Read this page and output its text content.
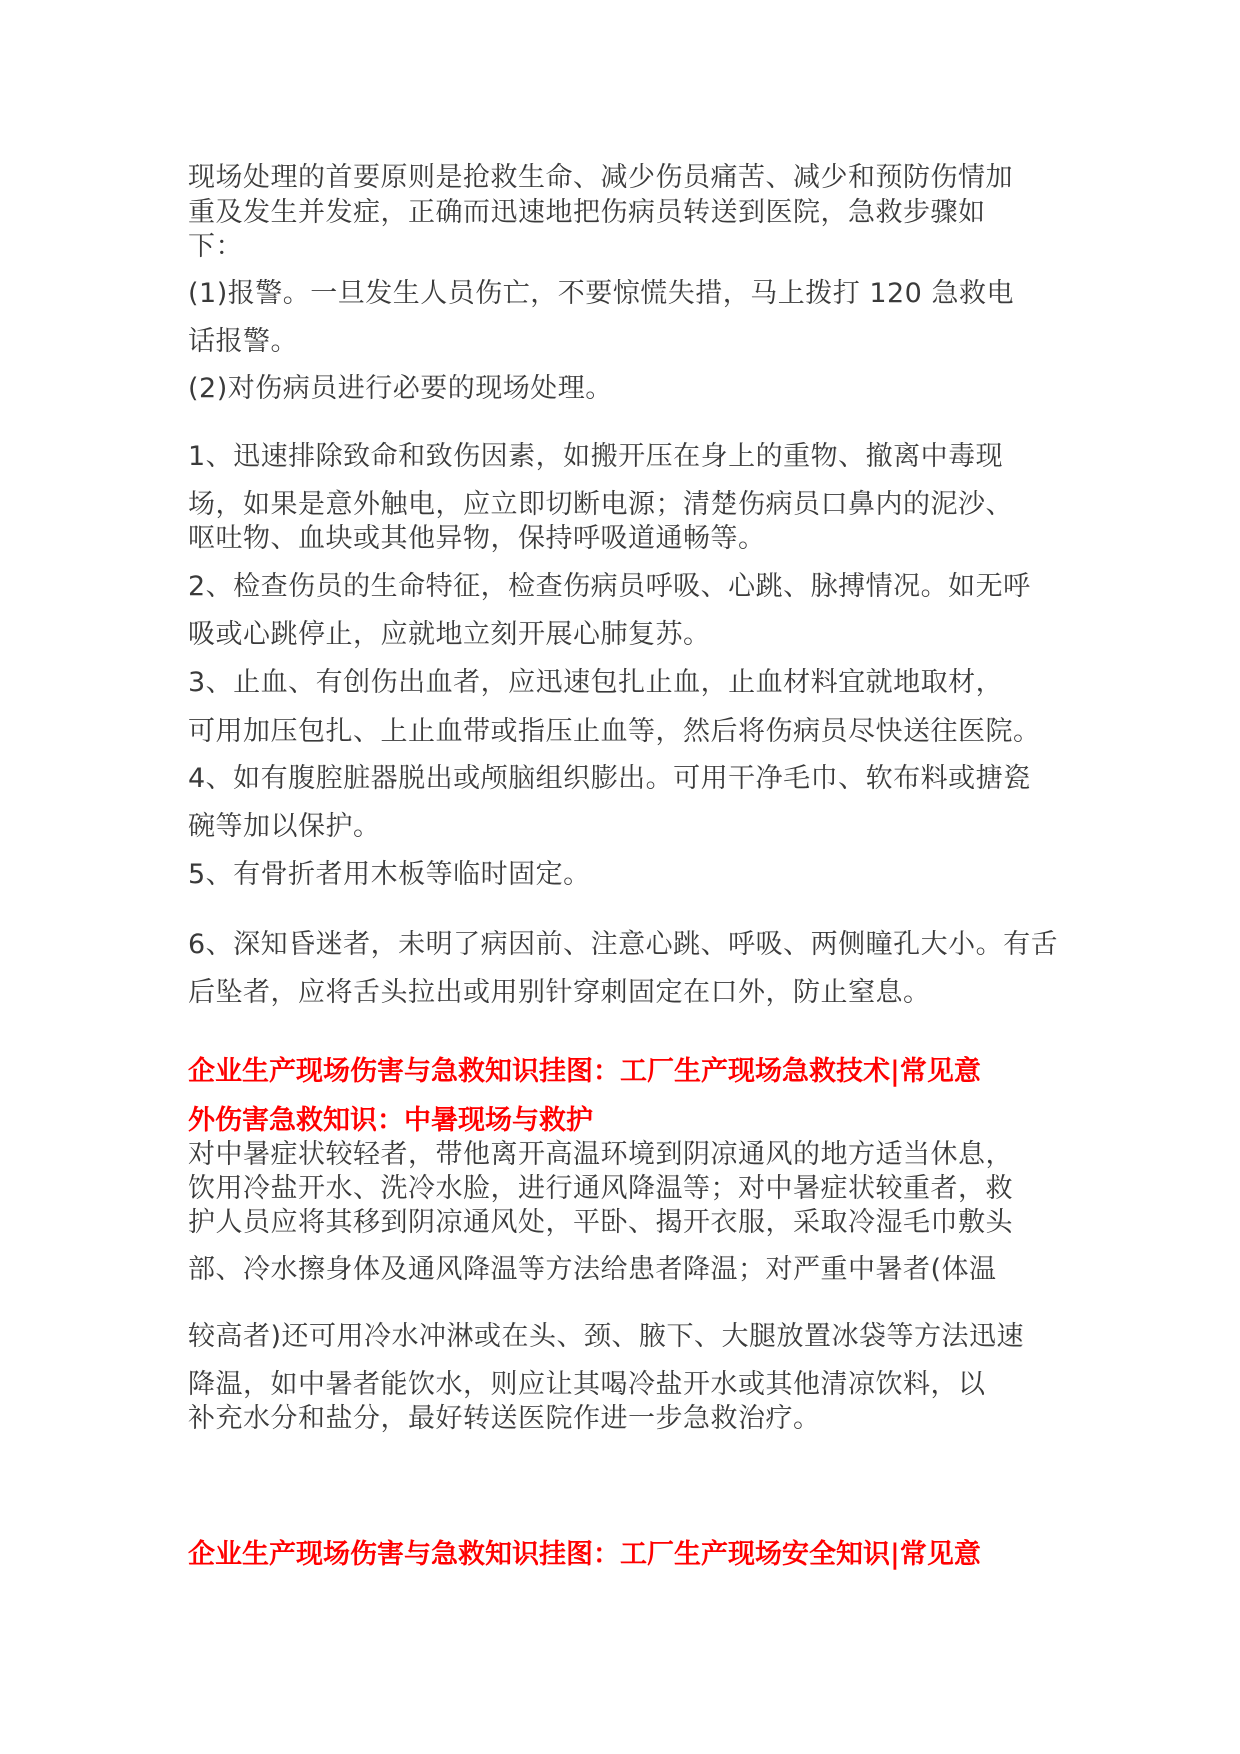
现场处理的首要原则是抢救生命、减少伤员痛苦、减少和预防伤情加
重及发生并发症，正确而迅速地把伤病员转送到医院，急救步骤如
下：
(1)报警。一旦发生人员伤亡，不要惊慌失措，马上拨打 120 急救电
话报警。
(2)对伤病员进行必要的现场处理。
1、迅速排除致命和致伤因素，如搬开压在身上的重物、撤离中毒现
场，如果是意外触电，应立即切断电源；清楚伤病员口鼻内的泥沙、
呕吐物、血块或其他异物，保持呼吸道通畅等。
2、检查伤员的生命特征，检查伤病员呼吸、心跳、脉搏情况。如无呼
吸或心跳停止，应就地立刻开展心肺复苏。
3、止血、有创伤出血者，应迅速包扎止血，止血材料宜就地取材，
可用加压包扎、上止血带或指压止血等，然后将伤病员尽快送往医院。
4、如有腹腔脏器脱出或颅脑组织膨出。可用干净毛巾、软布料或搪瓷
碗等加以保护。
5、有骨折者用木板等临时固定。
6、深知昏迷者，未明了病因前、注意心跳、呼吸、两侧瞳孔大小。有舌
后坠者，应将舌头拉出或用别针穿刺固定在口外，防止窒息。
企业生产现场伤害与急救知识挂图：工厂生产现场急救技术|常见意
外伤害急救知识：中暑现场与救护
对中暑症状较轻者，带他离开高温环境到阴凉通风的地方适当休息，
饮用冷盐开水、洗冷水脸，进行通风降温等；对中暑症状较重者，救
护人员应将其移到阴凉通风处，平卧、揭开衣服，采取冷湿毛巾敷头
部、冷水擦身体及通风降温等方法给患者降温；对严重中暑者(体温
较高者)还可用冷水冲淋或在头、颈、腋下、大腿放置冰袋等方法迅速
降温，如中暑者能饮水，则应让其喝冷盐开水或其他清凉饮料，以
补充水分和盐分，最好转送医院作进一步急救治疗。
企业生产现场伤害与急救知识挂图：工厂生产现场安全知识|常见意
